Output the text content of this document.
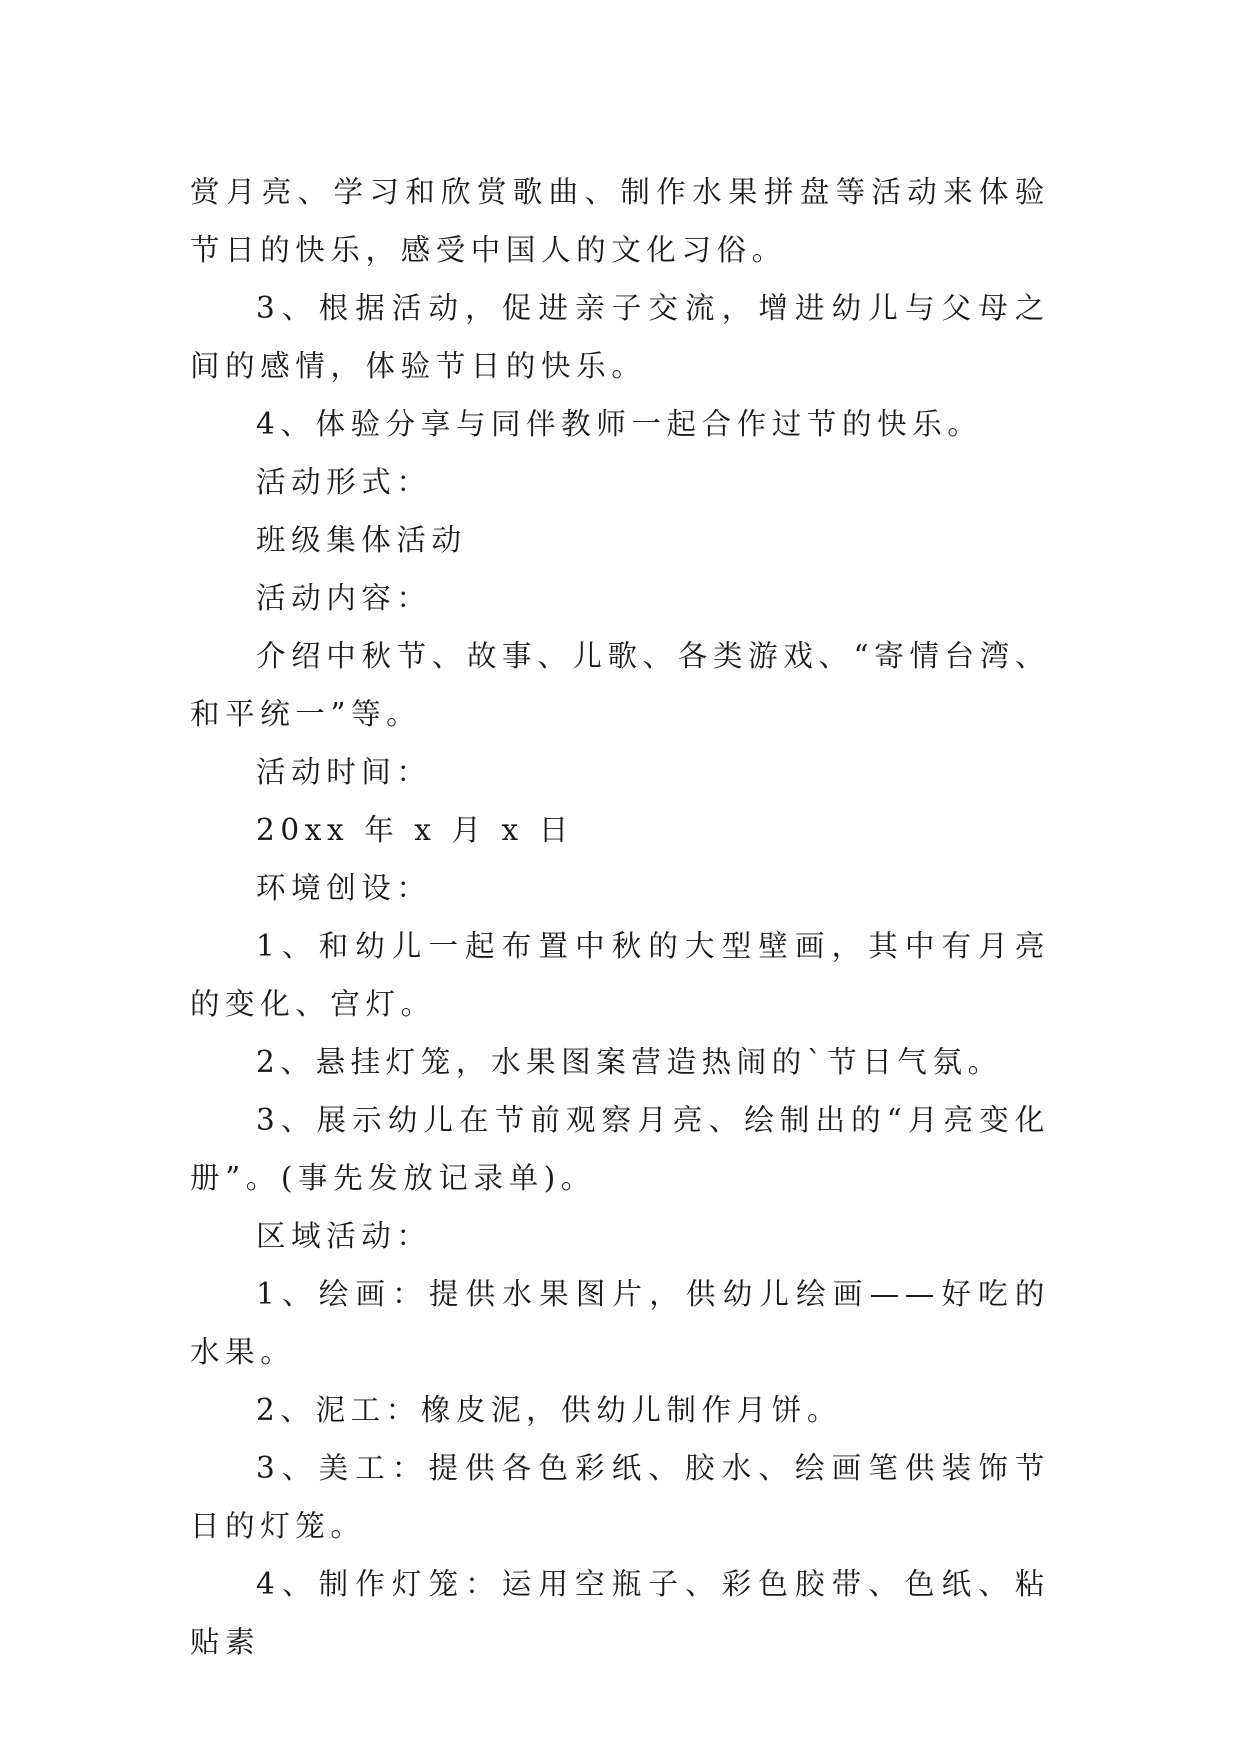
赏月亮、学习和欣赏歌曲、制作水果拼盘等活动来体验节日的快乐，感受中国人的文化习俗。

3、根据活动，促进亲子交流，增进幼儿与父母之间的感情，体验节日的快乐。

4、体验分享与同伴教师一起合作过节的快乐。

活动形式：

班级集体活动

活动内容：

介绍中秋节、故事、儿歌、各类游戏、“寄情台湾、和平统一”等。

活动时间：

20xx 年 x 月 x 日

环境创设：

1、和幼儿一起布置中秋的大型壁画，其中有月亮的变化、宫灯。

2、悬挂灯笼，水果图案营造热闹的`节日气氛。

3、展示幼儿在节前观察月亮、绘制出的“月亮变化册”。(事先发放记录单)。

区域活动：

1、绘画：提供水果图片，供幼儿绘画——好吃的水果。

2、泥工：橡皮泥，供幼儿制作月饼。

3、美工：提供各色彩纸、胶水、绘画笔供装饰节日的灯笼。

4、制作灯笼：运用空瓶子、彩色胶带、色纸、粘贴素
